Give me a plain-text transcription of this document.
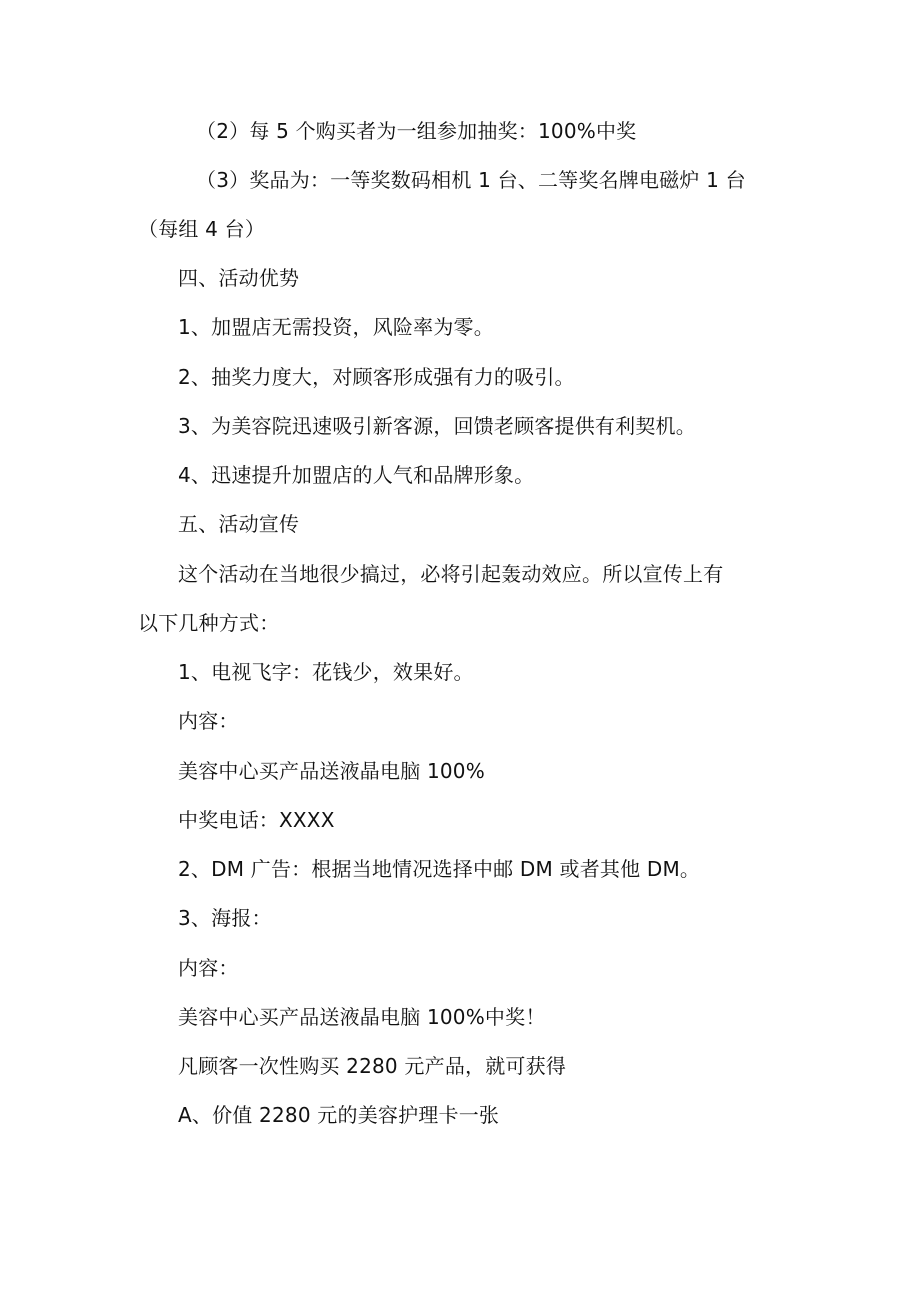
（2）每 5 个购买者为一组参加抽奖：100%中奖
（3）奖品为：一等奖数码相机 1 台、二等奖名牌电磁炉 1 台
（每组 4 台）
四、活动优势
1、加盟店无需投资，风险率为零。
2、抽奖力度大，对顾客形成强有力的吸引。
3、为美容院迅速吸引新客源，回馈老顾客提供有利契机。
4、迅速提升加盟店的人气和品牌形象。
五、活动宣传
这个活动在当地很少搞过，必将引起轰动效应。所以宣传上有
以下几种方式：
1、电视飞字：花钱少，效果好。
内容：
美容中心买产品送液晶电脑 100%
中奖电话：XXXX
2、DM 广告：根据当地情况选择中邮 DM 或者其他 DM。
3、海报：
内容：
美容中心买产品送液晶电脑 100%中奖！
凡顾客一次性购买 2280 元产品，就可获得
A、价值 2280 元的美容护理卡一张
